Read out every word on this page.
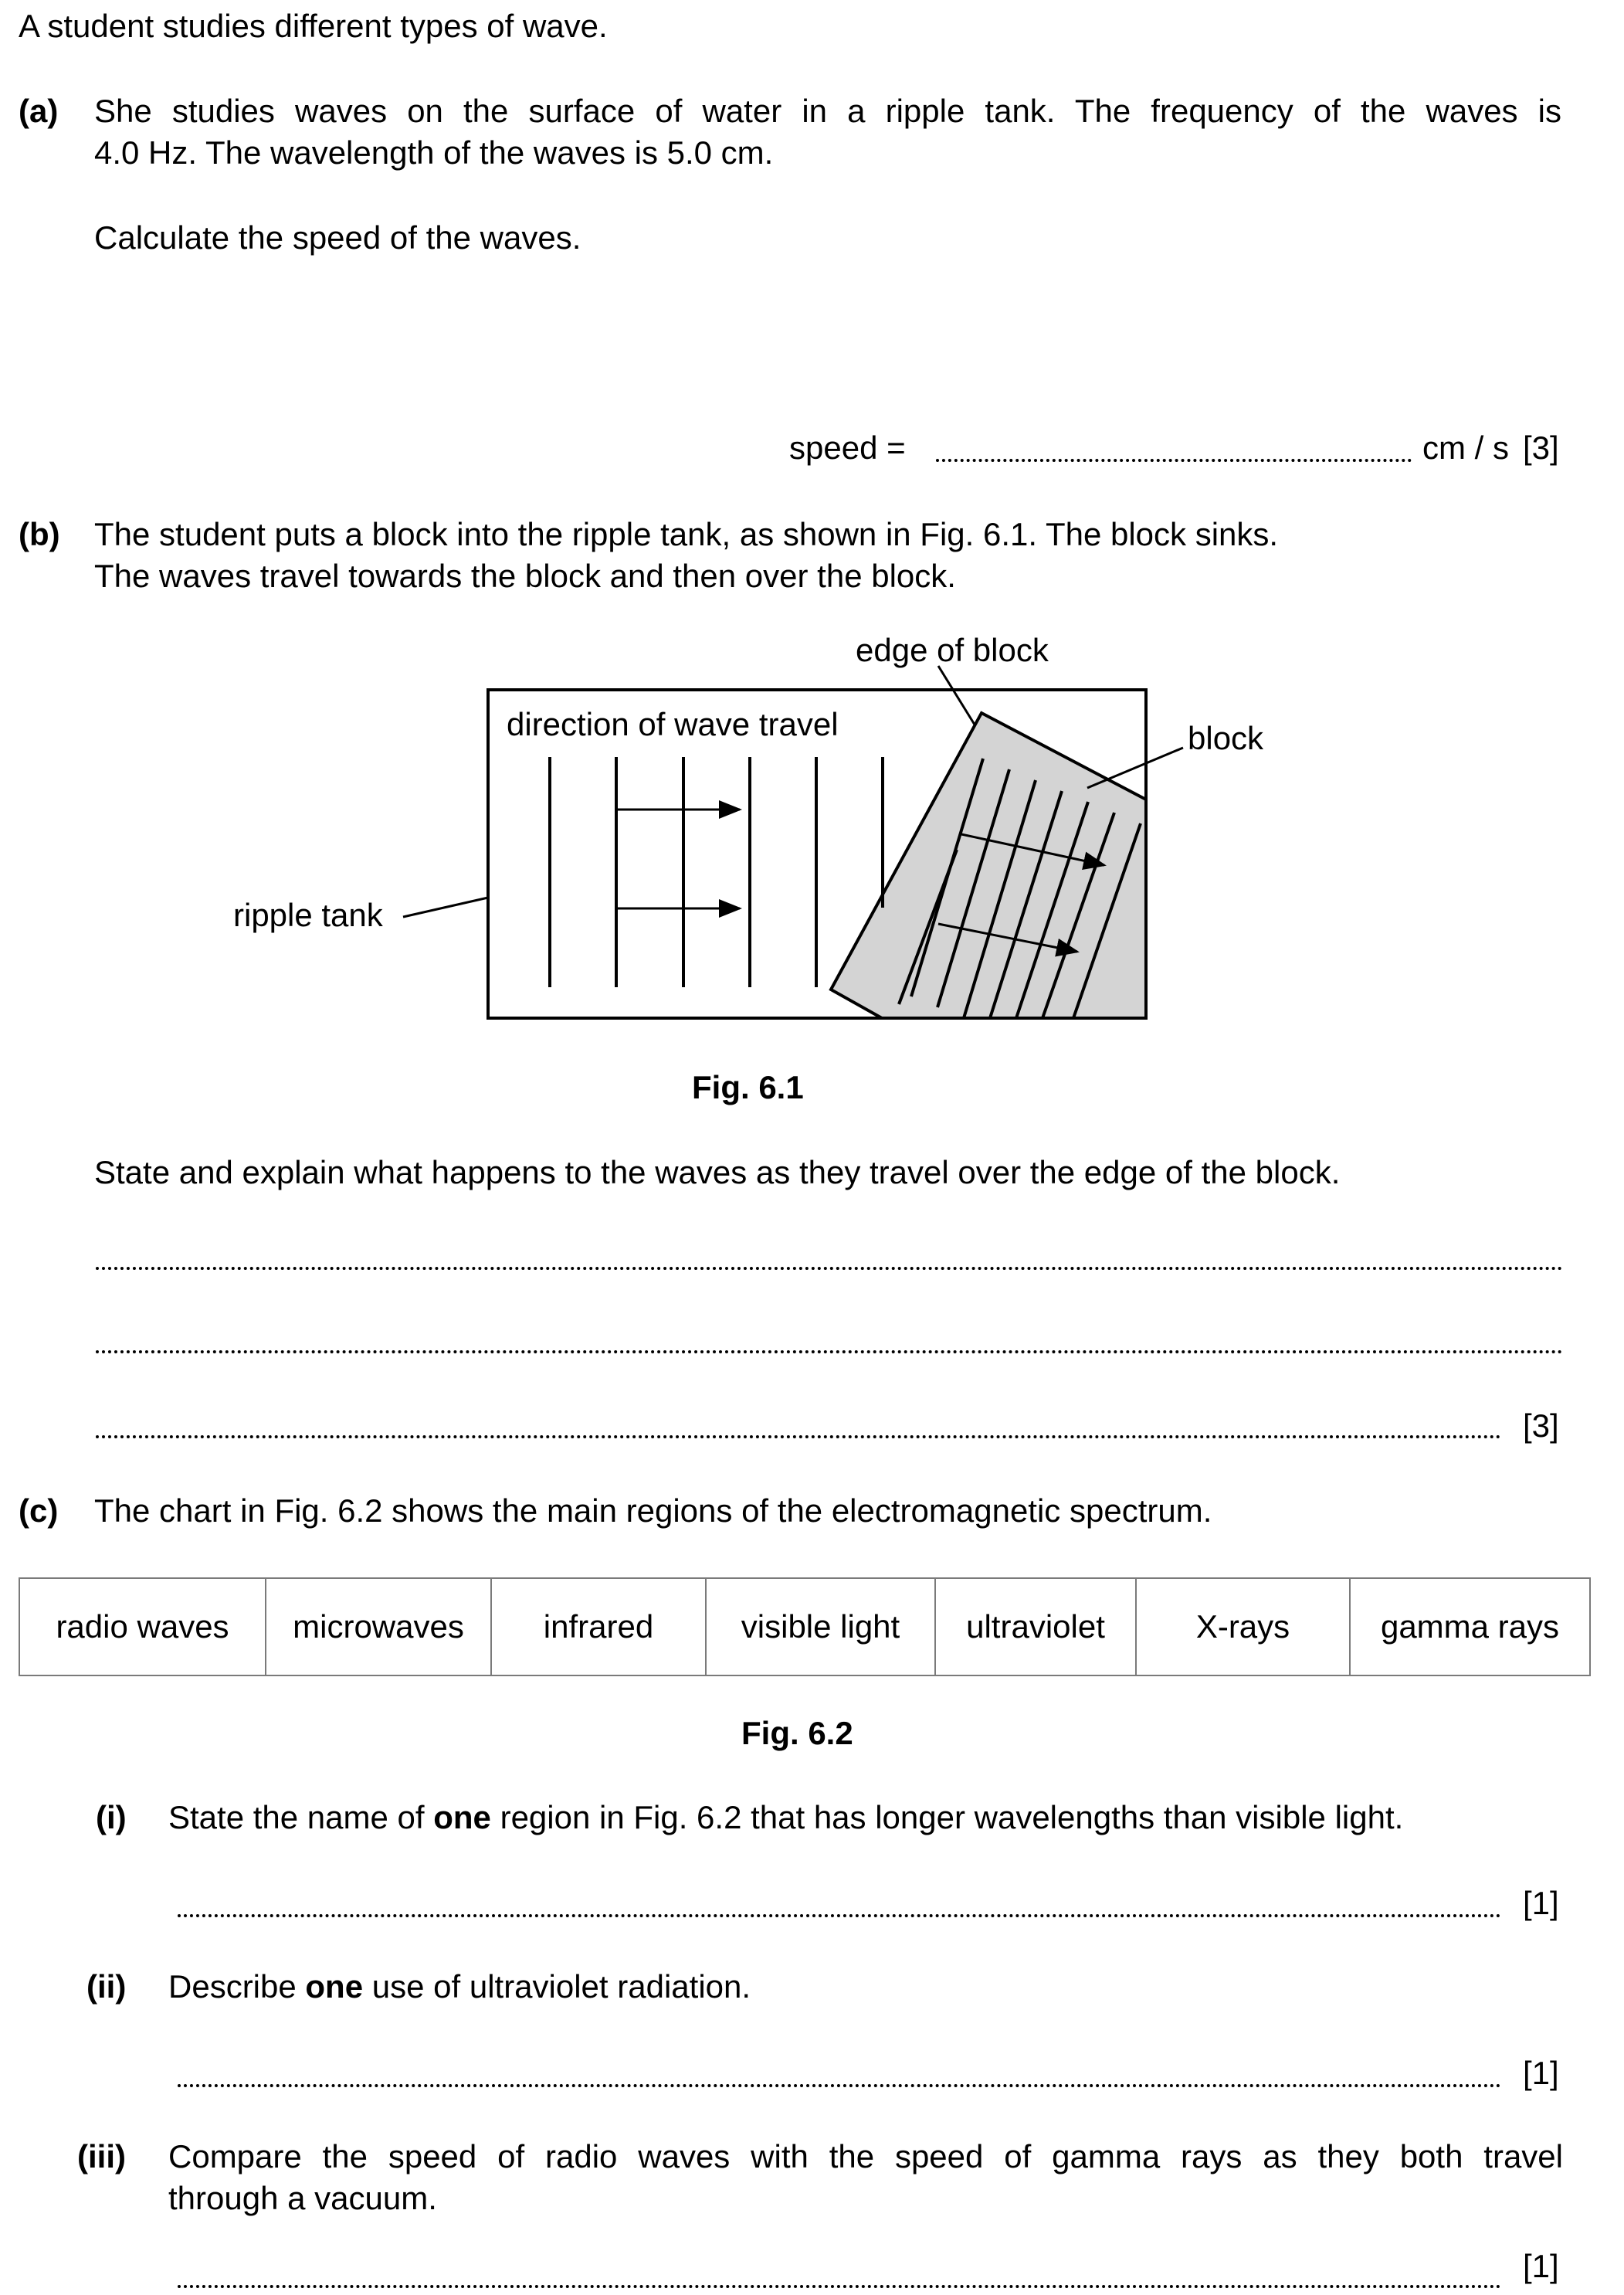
A student studies different types of wave.
(a) She studies waves on the surface of water in a ripple tank. The frequency of the waves is
4.0 Hz. The wavelength of the waves is 5.0 cm.
Calculate the speed of the waves.
speed =	cm / s [3]
(b) The student puts a block into the ripple tank, as shown in Fig. 6.1. The block sinks.
The waves travel towards the block and then over the block.
edge of block
direction of wave travel	block
ripple tank
Fig. 6.1
State and explain what happens to the waves as they travel over the edge of the block.
[3]
(c) The chart in Fig. 6.2 shows the main regions of the electromagnetic spectrum.
radio waves	microwaves	infrared	visible light	ultraviolet	X-rays	gamma rays
Fig. 6.2
(i) State the name of one region in Fig. 6.2 that has longer wavelengths than visible light.
[1]
(ii) Describe one use of ultraviolet radiation.
[1]
(iii) Compare the speed of radio waves with the speed of gamma rays as they both travel
through a vacuum.
[1]
